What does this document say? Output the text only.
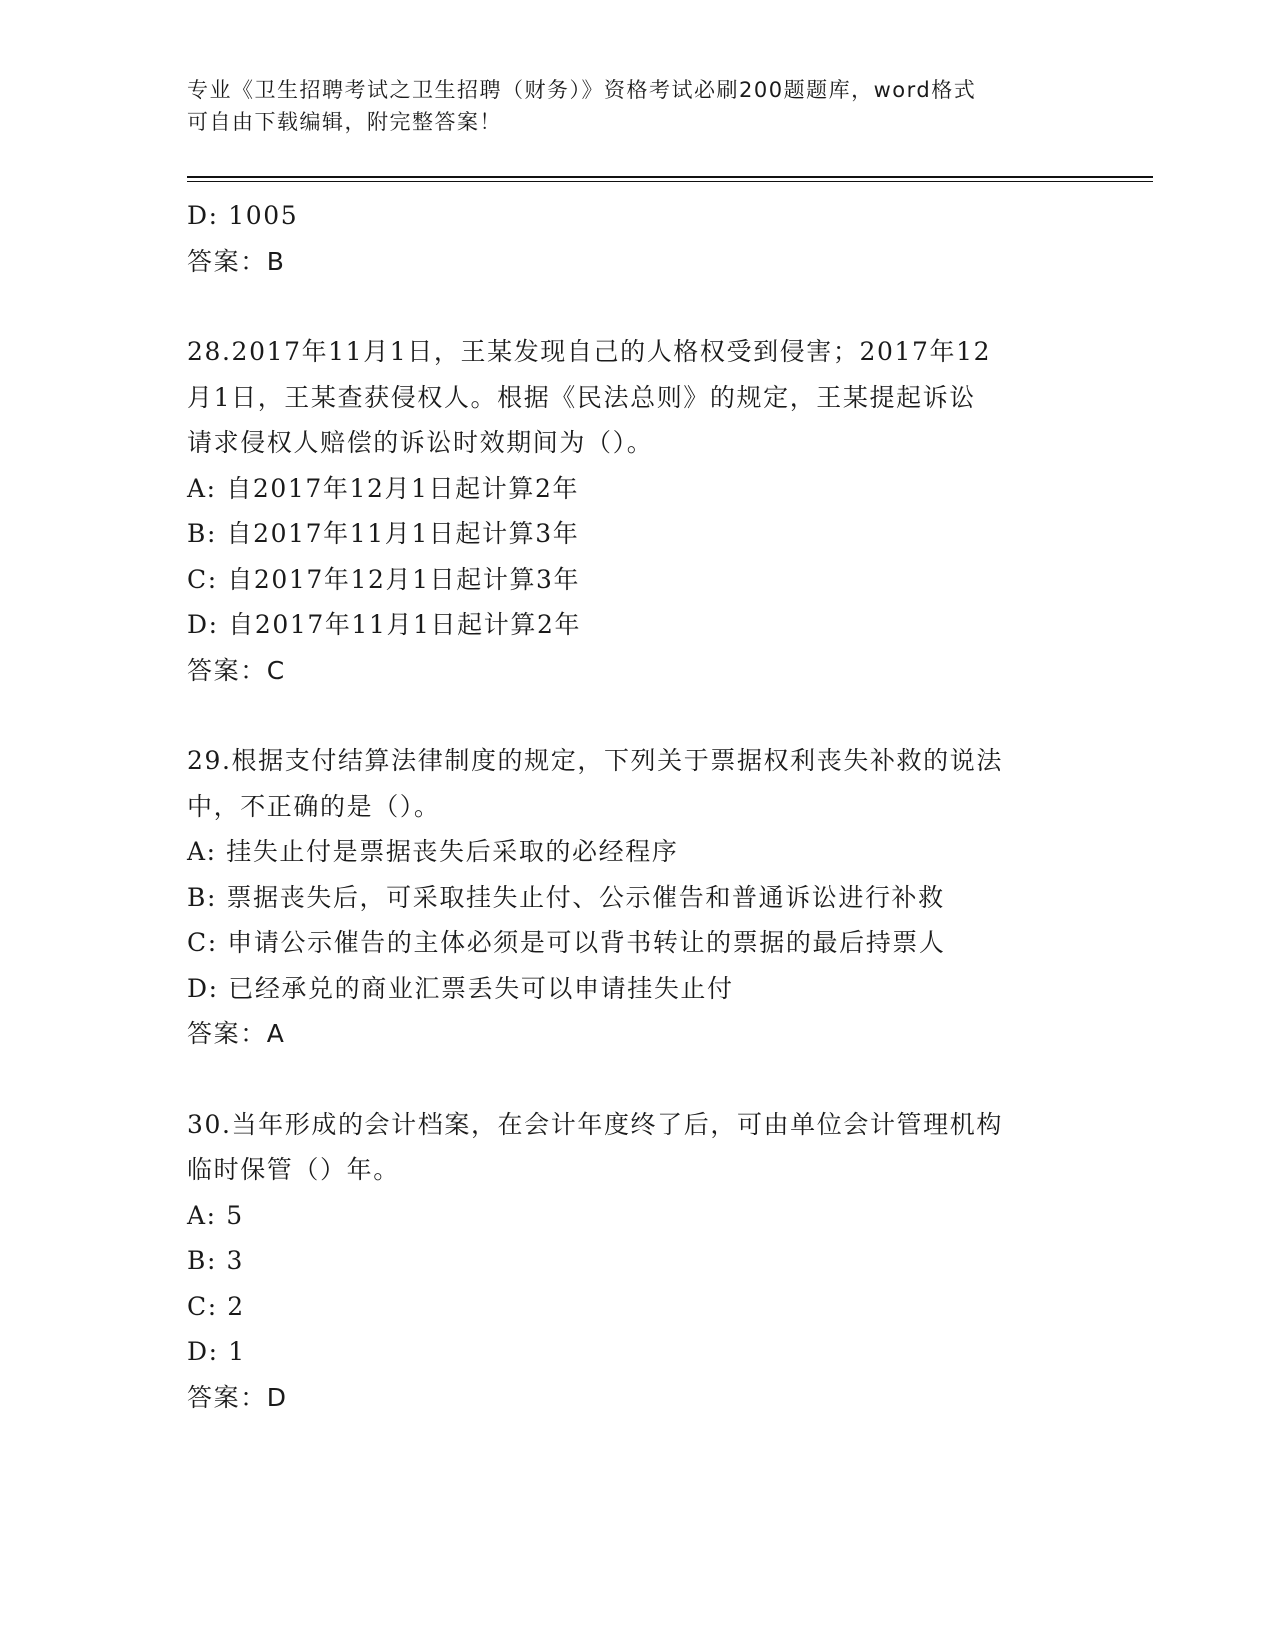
专业《卫生招聘考试之卫生招聘（财务）》资格考试必刷200题题库，word格式
可自由下载编辑，附完整答案！
D: 1005
答案：B
28.2017年11月1日，王某发现自己的人格权受到侵害；2017年12
月1日，王某查获侵权人。根据《民法总则》的规定，王某提起诉讼
请求侵权人赔偿的诉讼时效期间为（）。
A: 自2017年12月1日起计算2年
B: 自2017年11月1日起计算3年
C: 自2017年12月1日起计算3年
D: 自2017年11月1日起计算2年
答案：C
29.根据支付结算法律制度的规定，下列关于票据权利丧失补救的说法
中，不正确的是（）。
A: 挂失止付是票据丧失后采取的必经程序
B: 票据丧失后，可采取挂失止付、公示催告和普通诉讼进行补救
C: 申请公示催告的主体必须是可以背书转让的票据的最后持票人
D: 已经承兑的商业汇票丢失可以申请挂失止付
答案：A
30.当年形成的会计档案，在会计年度终了后，可由单位会计管理机构
临时保管（）年。
A: 5
B: 3
C: 2
D: 1
答案：D
